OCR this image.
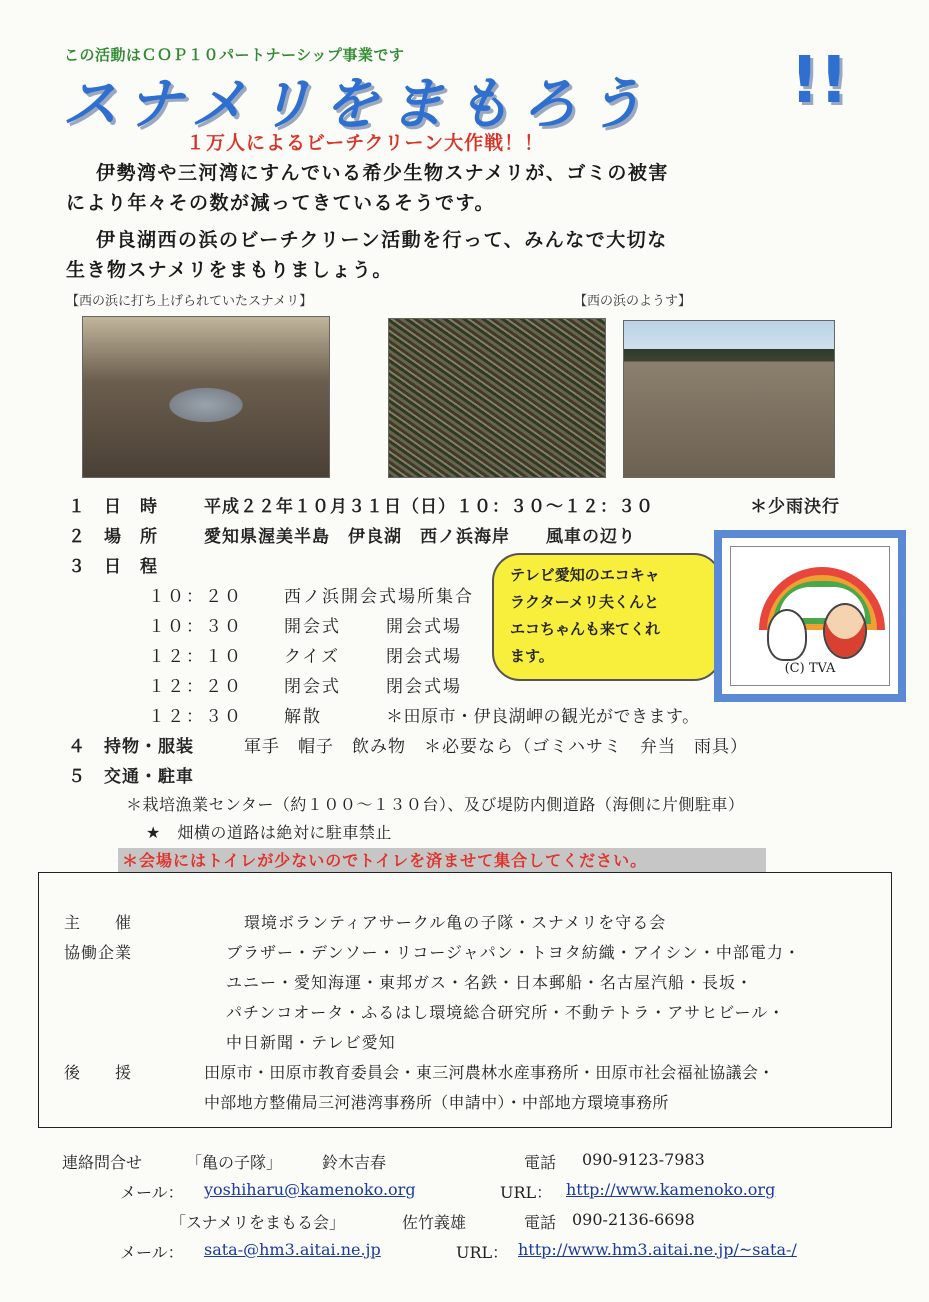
この活動はＣＯＰ１０パートナーシップ事業です
スナメリをまもろう !!
１万人によるビーチクリーン大作戦！！
伊勢湾や三河湾にすんでいる希少生物スナメリが、ゴミの被害
により年々その数が減ってきているそうです。
伊良湖西の浜のビーチクリーン活動を行って、みんなで大切な
生き物スナメリをまもりましょう。
【西の浜に打ち上げられていたスナメリ】	【西の浜のようす】
１ 日　時	平成２２年１０月３１日（日）１０：３０〜１２：３０	＊少雨決行
２ 場　所	愛知県渥美半島　伊良湖　西ノ浜海岸　　風車の辺り
３ 日　程
１０：２０ 西ノ浜開会式場所集合
１０：３０ 開会式	開会式場
１２：１０ クイズ	閉会式場
１２：２０ 閉会式	閉会式場
１２：３０ 解散	＊田原市・伊良湖岬の観光ができます。
テレビ愛知のエコキャ
ラクターメリ夫くんと
エコちゃんも来てくれ
ます。
(C) TVA
４ 持物・服装	軍手　帽子　飲み物　＊必要なら（ゴミハサミ　弁当　雨具）
５ 交通・駐車
＊栽培漁業センター（約１００〜１３０台）、及び堤防内側道路（海側に片側駐車）
★　畑横の道路は絶対に駐車禁止
＊会場にはトイレが少ないのでトイレを済ませて集合してください。
主　　催	環境ボランティアサークル亀の子隊・スナメリを守る会
協働企業	ブラザー・デンソー・リコージャパン・トヨタ紡織・アイシン・中部電力・
ユニー・愛知海運・東邦ガス・名鉄・日本郵船・名古屋汽船・長坂・
パチンコオータ・ふるはし環境総合研究所・不動テトラ・アサヒビール・
中日新聞・テレビ愛知
後　　援	田原市・田原市教育委員会・東三河農林水産事務所・田原市社会福祉協議会・
中部地方整備局三河港湾事務所（申請中）・中部地方環境事務所
連絡問合せ	「亀の子隊」 鈴木吉春	電話 090-9123-7983
メール： yoshiharu@kamenoko.org	URL： http://www.kamenoko.org
「スナメリをまもる会」	佐竹義雄	電話 090-2136-6698
メール： sata-@hm3.aitai.ne.jp	URL： http://www.hm3.aitai.ne.jp/~sata-/
